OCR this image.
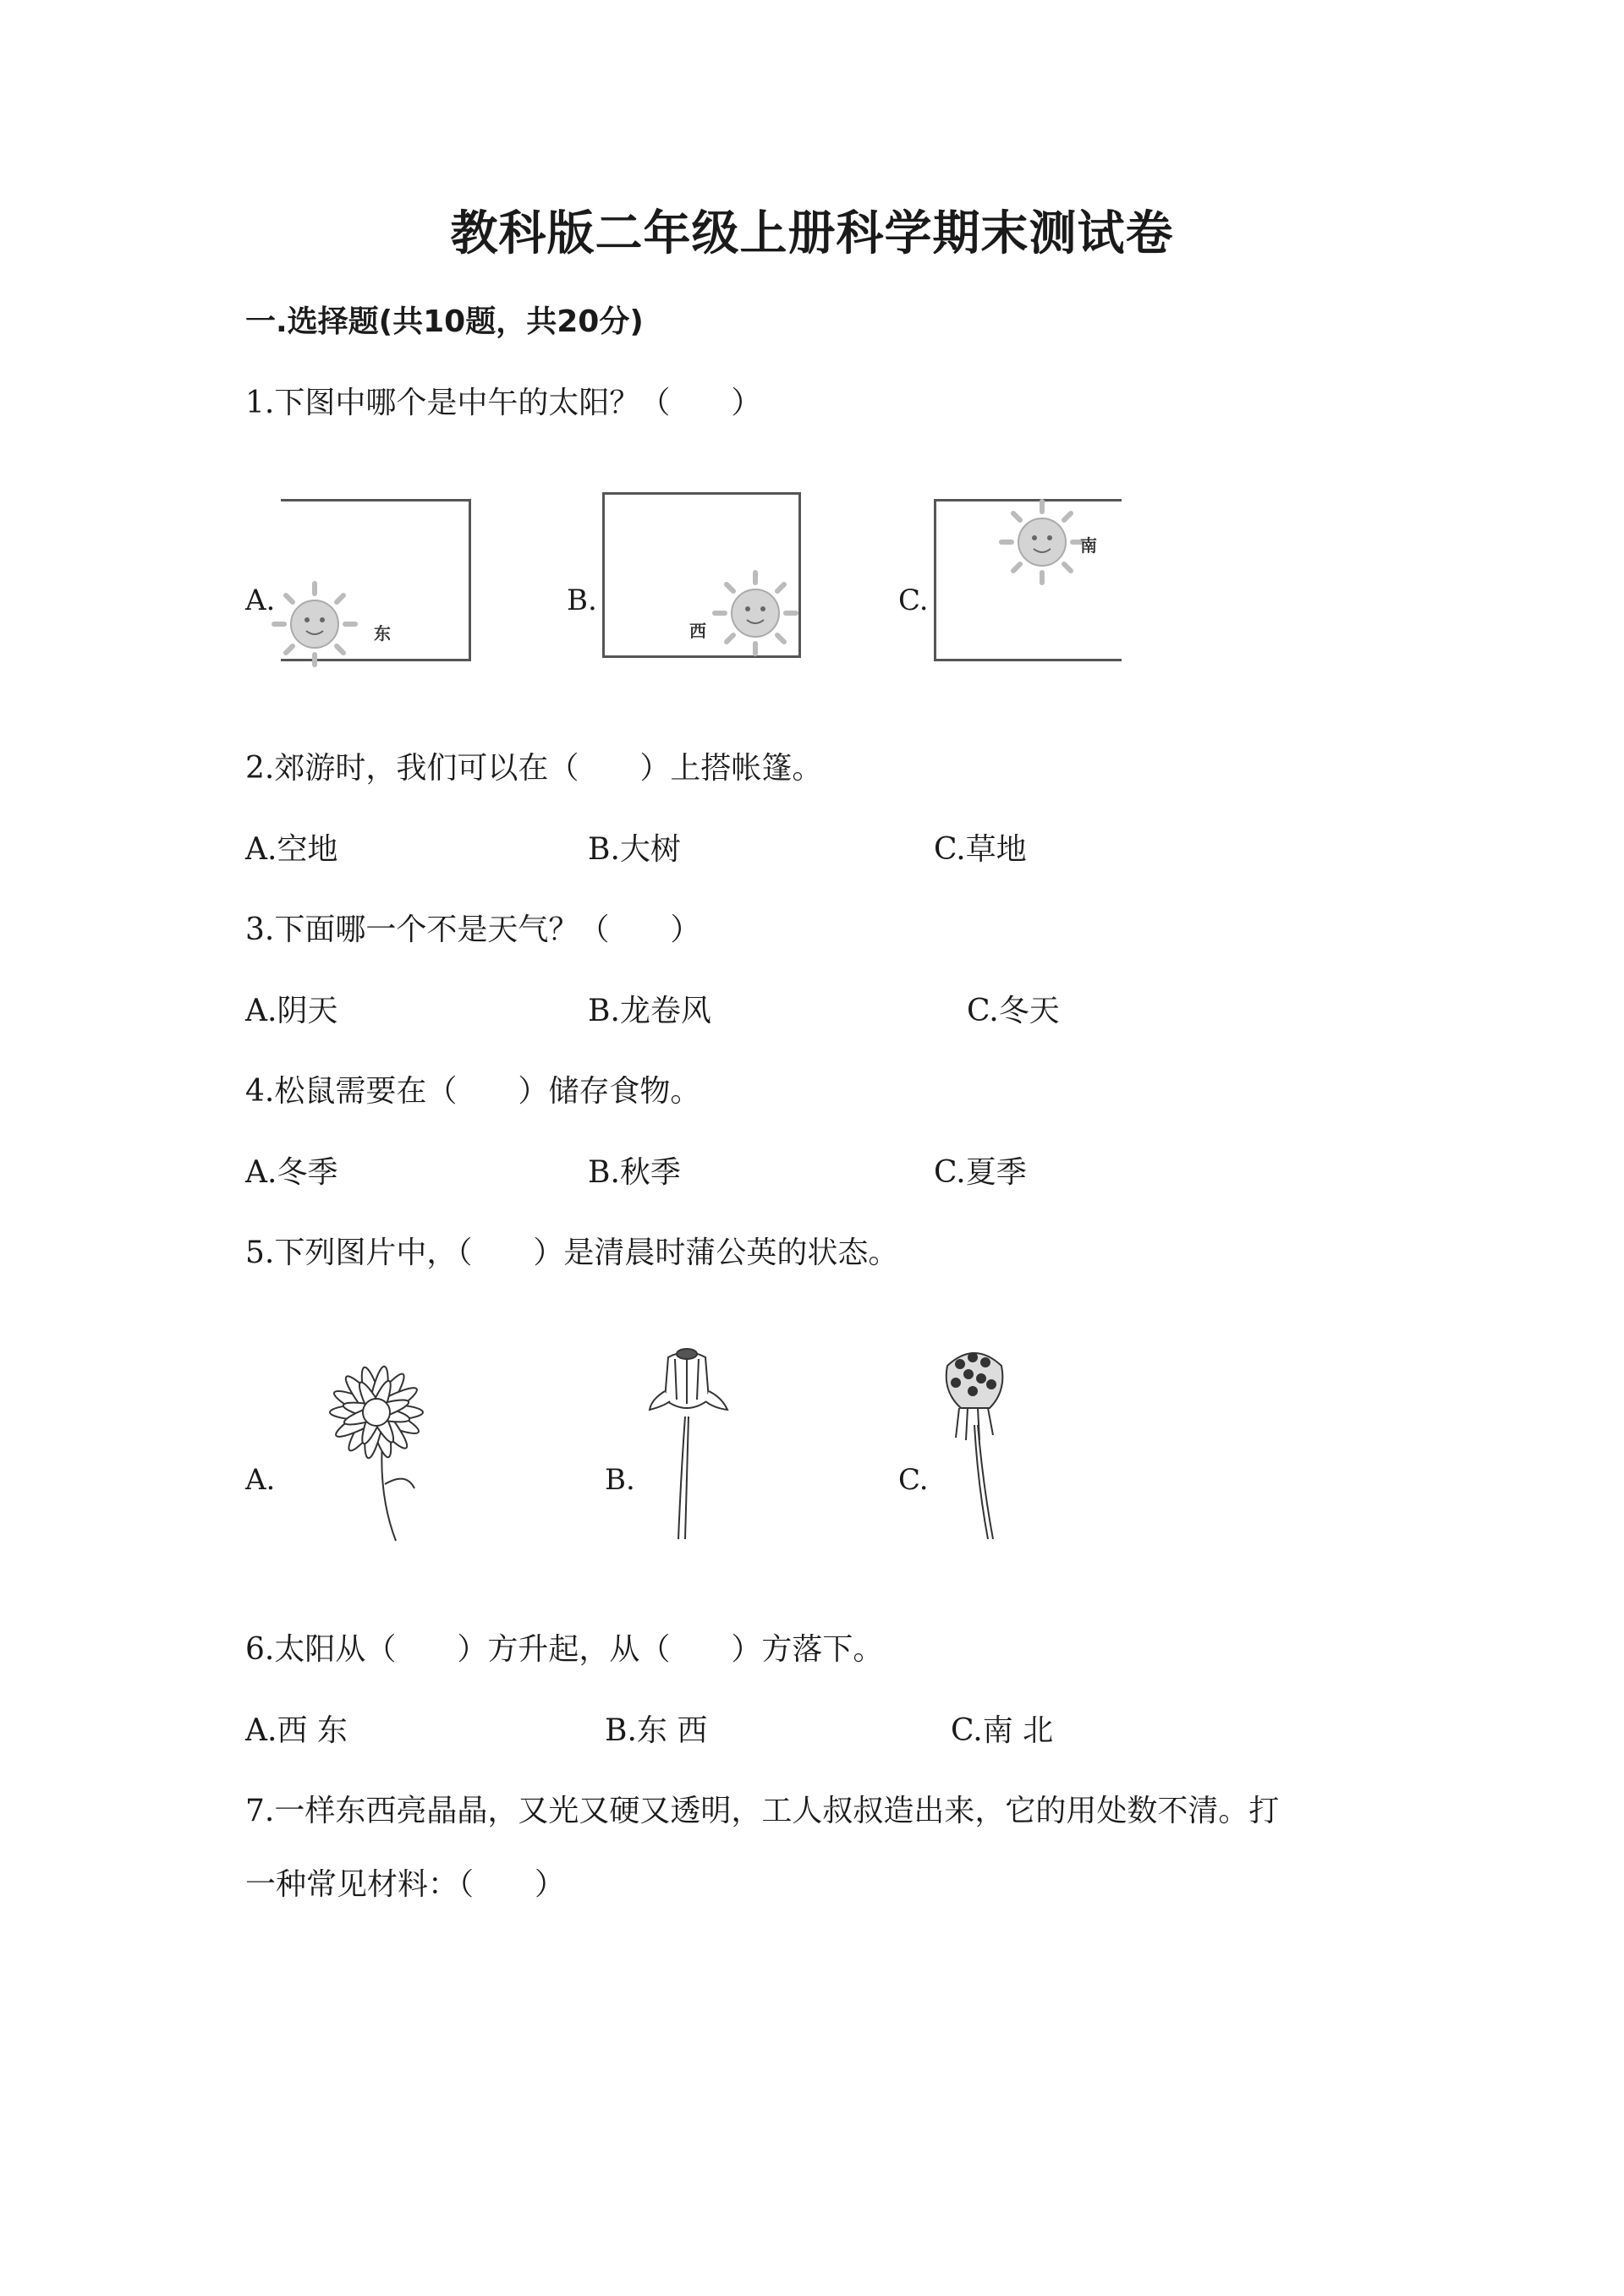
教科版二年级上册科学期末测试卷
一.选择题(共10题，共20分)
1.下图中哪个是中午的太阳？（　　）
A.
东
B.
西
C.
南
2.郊游时，我们可以在（　　）上搭帐篷。
A.空地	B.大树	C.草地
3.下面哪一个不是天气？（　　）
A.阴天	B.龙卷风	C.冬天
4.松鼠需要在（　　）储存食物。
A.冬季	B.秋季	C.夏季
5.下列图片中，（　　）是清晨时蒲公英的状态。
A.	B.	C.
6.太阳从（　　）方升起，从（　　）方落下。
A.西 东	B.东 西	C.南 北
7.一样东西亮晶晶，又光又硬又透明，工人叔叔造出来，它的用处数不清。打
一种常见材料：（　　）
